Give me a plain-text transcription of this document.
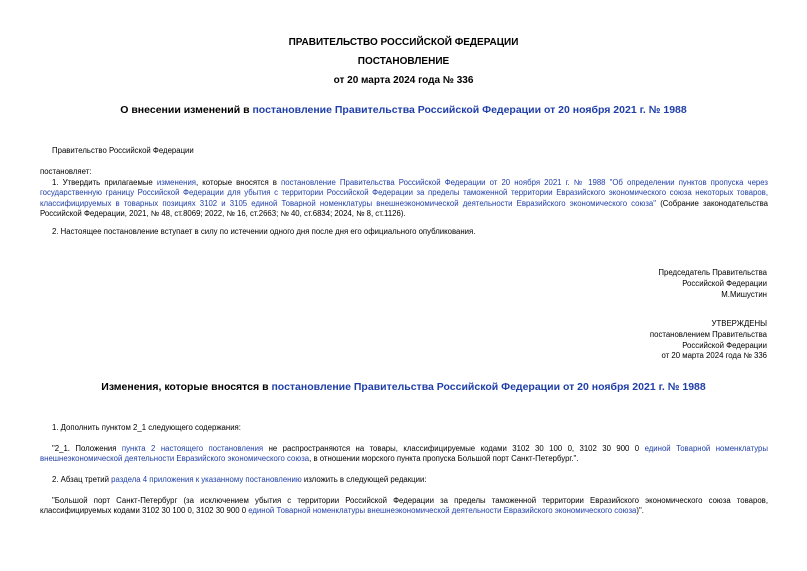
ПРАВИТЕЛЬСТВО РОССИЙСКОЙ ФЕДЕРАЦИИ
ПОСТАНОВЛЕНИЕ
от 20 марта 2024 года № 336
О внесении изменений в постановление Правительства Российской Федерации от 20 ноября 2021 г. № 1988
Правительство Российской Федерации
постановляет:
1. Утвердить прилагаемые изменения, которые вносятся в постановление Правительства Российской Федерации от 20 ноября 2021 г. № 1988 "Об определении пунктов пропуска через государственную границу Российской Федерации для убытия с территории Российской Федерации за пределы таможенной территории Евразийского экономического союза некоторых товаров, классифицируемых в товарных позициях 3102 и 3105 единой Товарной номенклатуры внешнеэкономической деятельности Евразийского экономического союза" (Собрание законодательства Российской Федерации, 2021, № 48, ст.8069; 2022, № 16, ст.2663; № 40, ст.6834; 2024, № 8, ст.1126).
2. Настоящее постановление вступает в силу по истечении одного дня после дня его официального опубликования.
Председатель Правительства
Российской Федерации
М.Мишустин
УТВЕРЖДЕНЫ
постановлением Правительства
Российской Федерации
от 20 марта 2024 года № 336
Изменения, которые вносятся в постановление Правительства Российской Федерации от 20 ноября 2021 г. № 1988
1. Дополнить пунктом 2_1 следующего содержания:
"2_1. Положения пункта 2 настоящего постановления не распространяются на товары, классифицируемые кодами 3102 30 100 0, 3102 30 900 0 единой Товарной номенклатуры внешнеэкономической деятельности Евразийского экономического союза, в отношении морского пункта пропуска Большой порт Санкт-Петербург.".
2. Абзац третий раздела 4 приложения к указанному постановлению изложить в следующей редакции:
"Большой порт Санкт-Петербург (за исключением убытия с территории Российской Федерации за пределы таможенной территории Евразийского экономического союза товаров, классифицируемых кодами 3102 30 100 0, 3102 30 900 0 единой Товарной номенклатуры внешнеэкономической деятельности Евразийского экономического союза)".
